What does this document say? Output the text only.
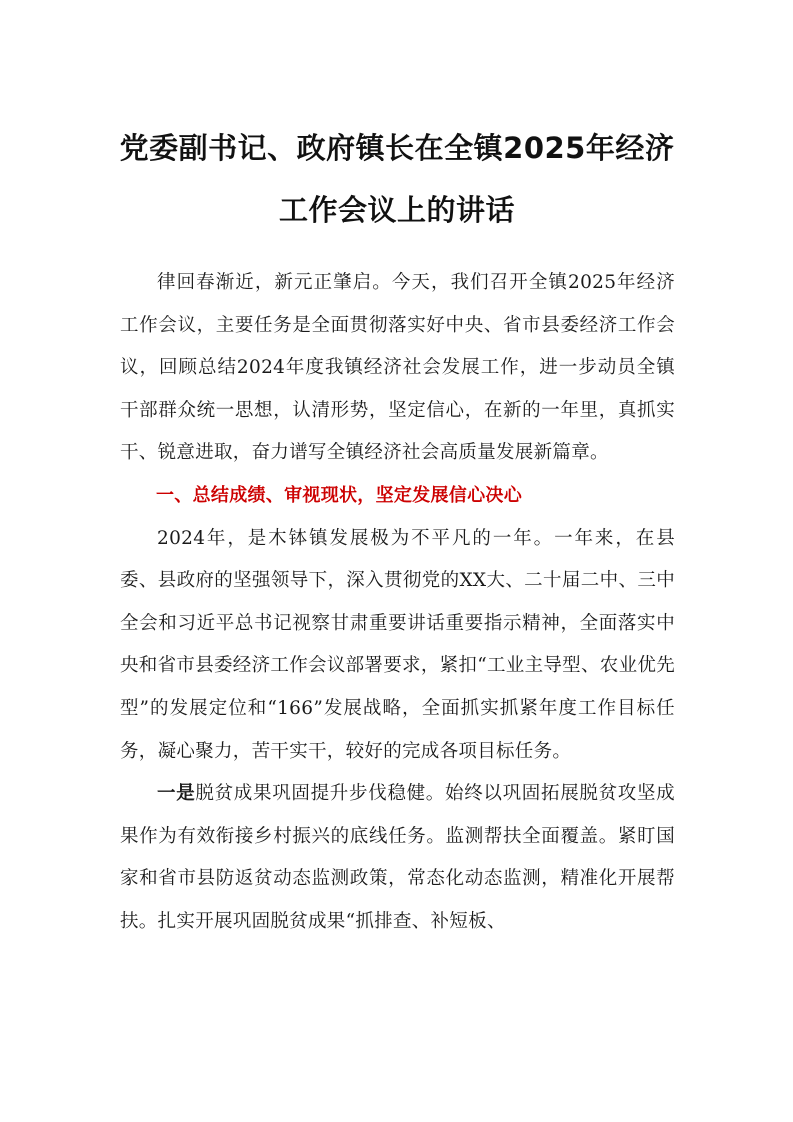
党委副书记、政府镇长在全镇2025年经济工作会议上的讲话

律回春渐近，新元正肇启。今天，我们召开全镇2025年经济工作会议，主要任务是全面贯彻落实好中央、省市县委经济工作会议，回顾总结2024年度我镇经济社会发展工作，进一步动员全镇干部群众统一思想，认清形势，坚定信心，在新的一年里，真抓实干、锐意进取，奋力谱写全镇经济社会高质量发展新篇章。

一、总结成绩、审视现状，坚定发展信心决心

2024年，是木钵镇发展极为不平凡的一年。一年来，在县委、县政府的坚强领导下，深入贯彻党的XX大、二十届二中、三中全会和习近平总书记视察甘肃重要讲话重要指示精神，全面落实中央和省市县委经济工作会议部署要求，紧扣“工业主导型、农业优先型”的发展定位和“166”发展战略，全面抓实抓紧年度工作目标任务，凝心聚力，苦干实干，较好的完成各项目标任务。

一是脱贫成果巩固提升步伐稳健。始终以巩固拓展脱贫攻坚成果作为有效衔接乡村振兴的底线任务。监测帮扶全面覆盖。紧盯国家和省市县防返贫动态监测政策，常态化动态监测，精准化开展帮扶。扎实开展巩固脱贫成果“抓排查、补短板、
